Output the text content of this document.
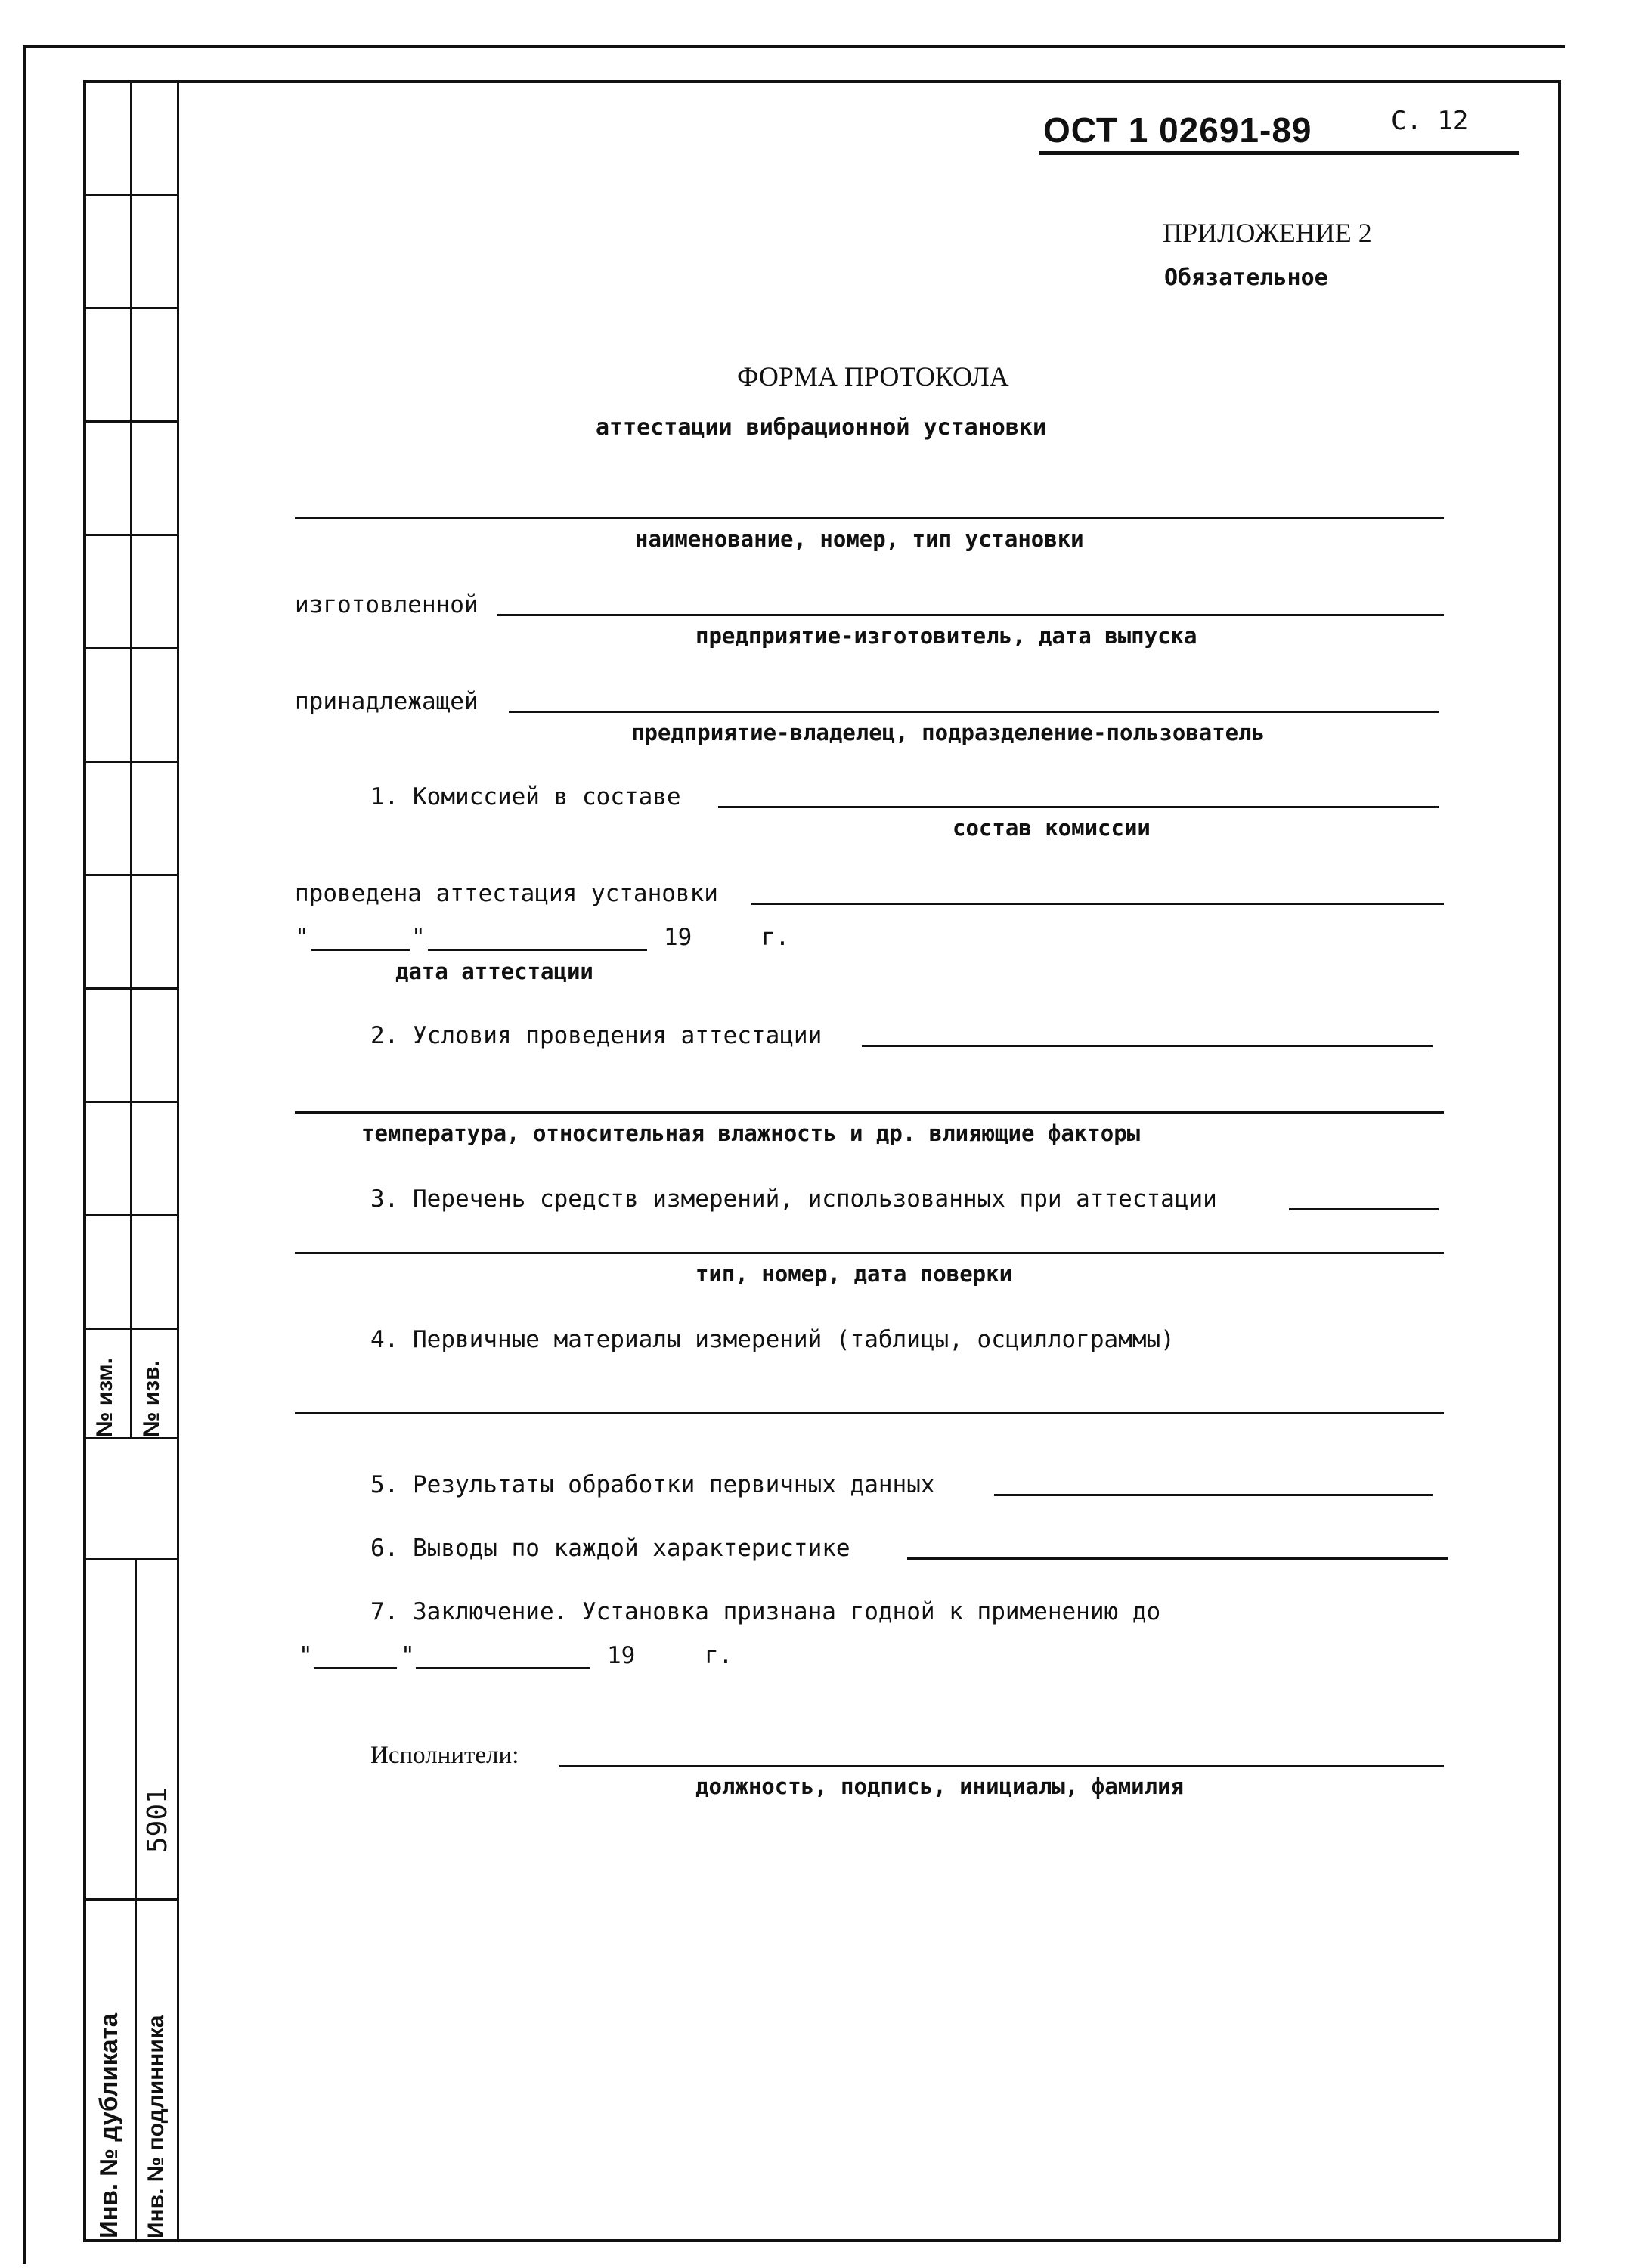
№ изм. № изв.
Инв. № дубликата Инв. № подлинника
5901
ОСТ 1 02691-89	С. 12
ПРИЛОЖЕНИЕ 2
Обязательное
ФОРМА ПРОТОКОЛА
аттестации вибрационной установки
наименование, номер, тип установки
изготовленной
предприятие-изготовитель, дата выпуска
принадлежащей
предприятие-владелец, подразделение-пользователь
1. Комиссией в составе
состав комиссии
проведена аттестация установки
"	"	19	г.
дата аттестации
2. Условия проведения аттестации
температура, относительная влажность и др. влияющие факторы
3. Перечень средств измерений, использованных при аттестации
тип, номер, дата поверки
4. Первичные материалы измерений (таблицы, осциллограммы)
5. Результаты обработки первичных данных
6. Выводы по каждой характеристике
7. Заключение. Установка признана годной к применению до
"	"	19	г.
Исполнители:
должность, подпись, инициалы, фамилия
